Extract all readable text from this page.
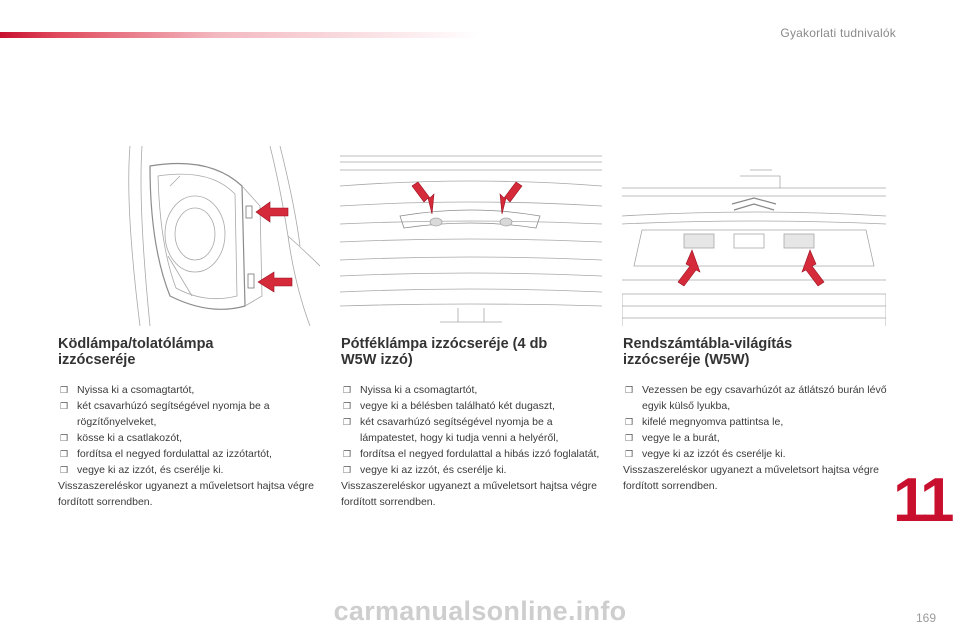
Gyakorlati tudnivalók
Ködlámpa/tolatólámpa
izzócseréje
❒ Nyissa ki a csomagtartót,
❒ két csavarhúzó segítségével nyomja be a rögzítőnyelveket,
❒ kösse ki a csatlakozót,
❒ fordítsa el negyed fordulattal az izzótartót,
❒ vegye ki az izzót, és cserélje ki.

Visszaszereléskor ugyanezt a műveletsort hajtsa végre fordított sorrendben.

Pótféklámpa izzócseréje (4 db
W5W izzó)
❒ Nyissa ki a csomagtartót,
❒ vegye ki a bélésben található két dugaszt,
❒ két csavarhúzó segítségével nyomja be a lámpatestet, hogy ki tudja venni a helyéről,
❒ fordítsa el negyed fordulattal a hibás izzó foglalatát,
❒ vegye ki az izzót, és cserélje ki.

Visszaszereléskor ugyanezt a műveletsort hajtsa végre fordított sorrendben.

Rendszámtábla-világítás
izzócseréje (W5W)
❒ Vezessen be egy csavarhúzót az átlátszó burán lévő egyik külső lyukba,
❒ kifelé megnyomva pattintsa le,
❒ vegye le a burát,
❒ vegye ki az izzót és cserélje ki.

Visszaszereléskor ugyanezt a műveletsort hajtsa végre fordított sorrendben.	11
169
carmanualsonline.info
